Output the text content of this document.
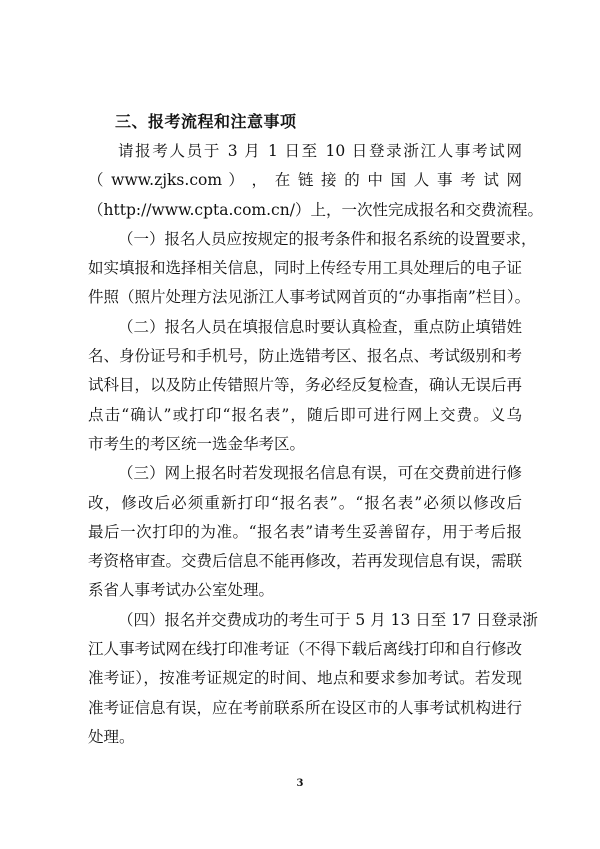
三、报考流程和注意事项

请报考人员于 3 月 1 日至 10 日登录浙江人事考试网
（ www.zjks.com ） ， 在 链 接 的 中 国 人 事 考 试 网
（http://www.cpta.com.cn/）上，一次性完成报名和交费流程。

（一）报名人员应按规定的报考条件和报名系统的设置要求，
如实填报和选择相关信息，同时上传经专用工具处理后的电子证
件照（照片处理方法见浙江人事考试网首页的“办事指南”栏目）。

（二）报名人员在填报信息时要认真检查，重点防止填错姓
名、身份证号和手机号，防止选错考区、报名点、考试级别和考
试科目，以及防止传错照片等，务必经反复检查，确认无误后再
点击“确认”或打印“报名表”，随后即可进行网上交费。义乌
市考生的考区统一选金华考区。

（三）网上报名时若发现报名信息有误，可在交费前进行修
改，修改后必须重新打印“报名表”。“报名表”必须以修改后
最后一次打印的为准。“报名表”请考生妥善留存，用于考后报
考资格审查。交费后信息不能再修改，若再发现信息有误，需联
系省人事考试办公室处理。

（四）报名并交费成功的考生可于 5 月 13 日至 17 日登录浙
江人事考试网在线打印准考证（不得下载后离线打印和自行修改
准考证），按准考证规定的时间、地点和要求参加考试。若发现
准考证信息有误，应在考前联系所在设区市的人事考试机构进行
处理。

3
